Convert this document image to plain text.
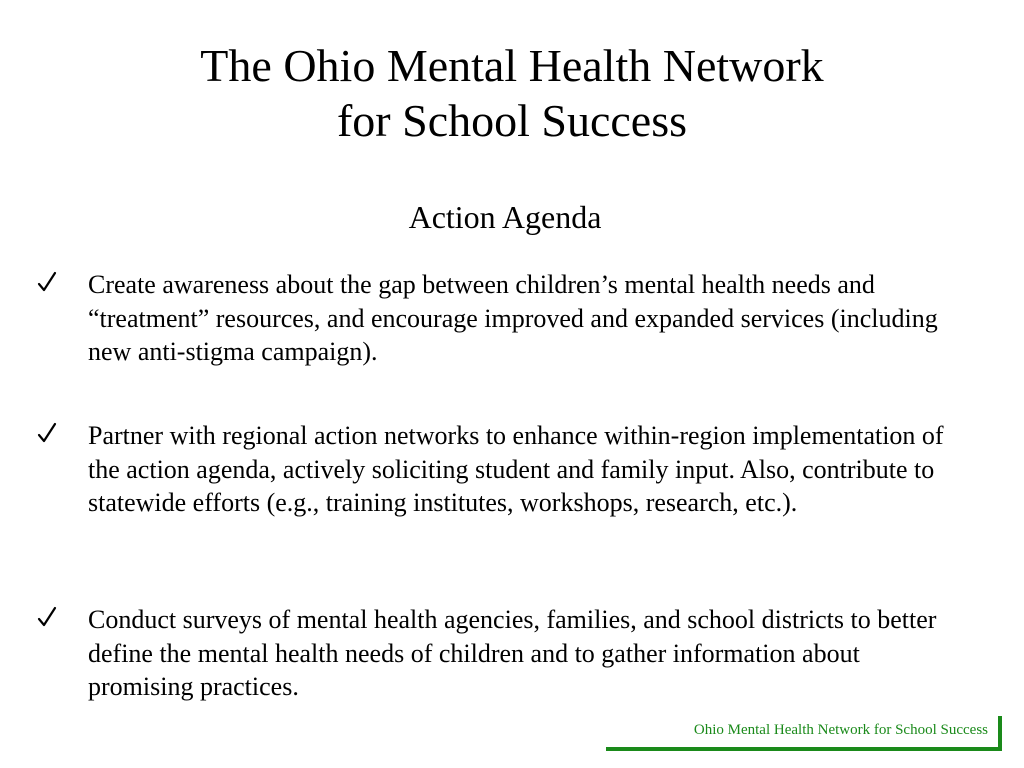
The Ohio Mental Health Network
for School Success
Action Agenda

Create awareness about the gap between children’s mental health needs and “treatment” resources, and encourage improved and expanded services (including new anti-stigma campaign).

Partner with regional action networks to enhance within-region implementation of the action agenda, actively soliciting student and family input. Also, contribute to statewide efforts (e.g., training institutes, workshops, research, etc.).

Conduct surveys of mental health agencies, families, and school districts to better define the mental health needs of children and to gather information about promising practices.

Ohio Mental Health Network for School Success
